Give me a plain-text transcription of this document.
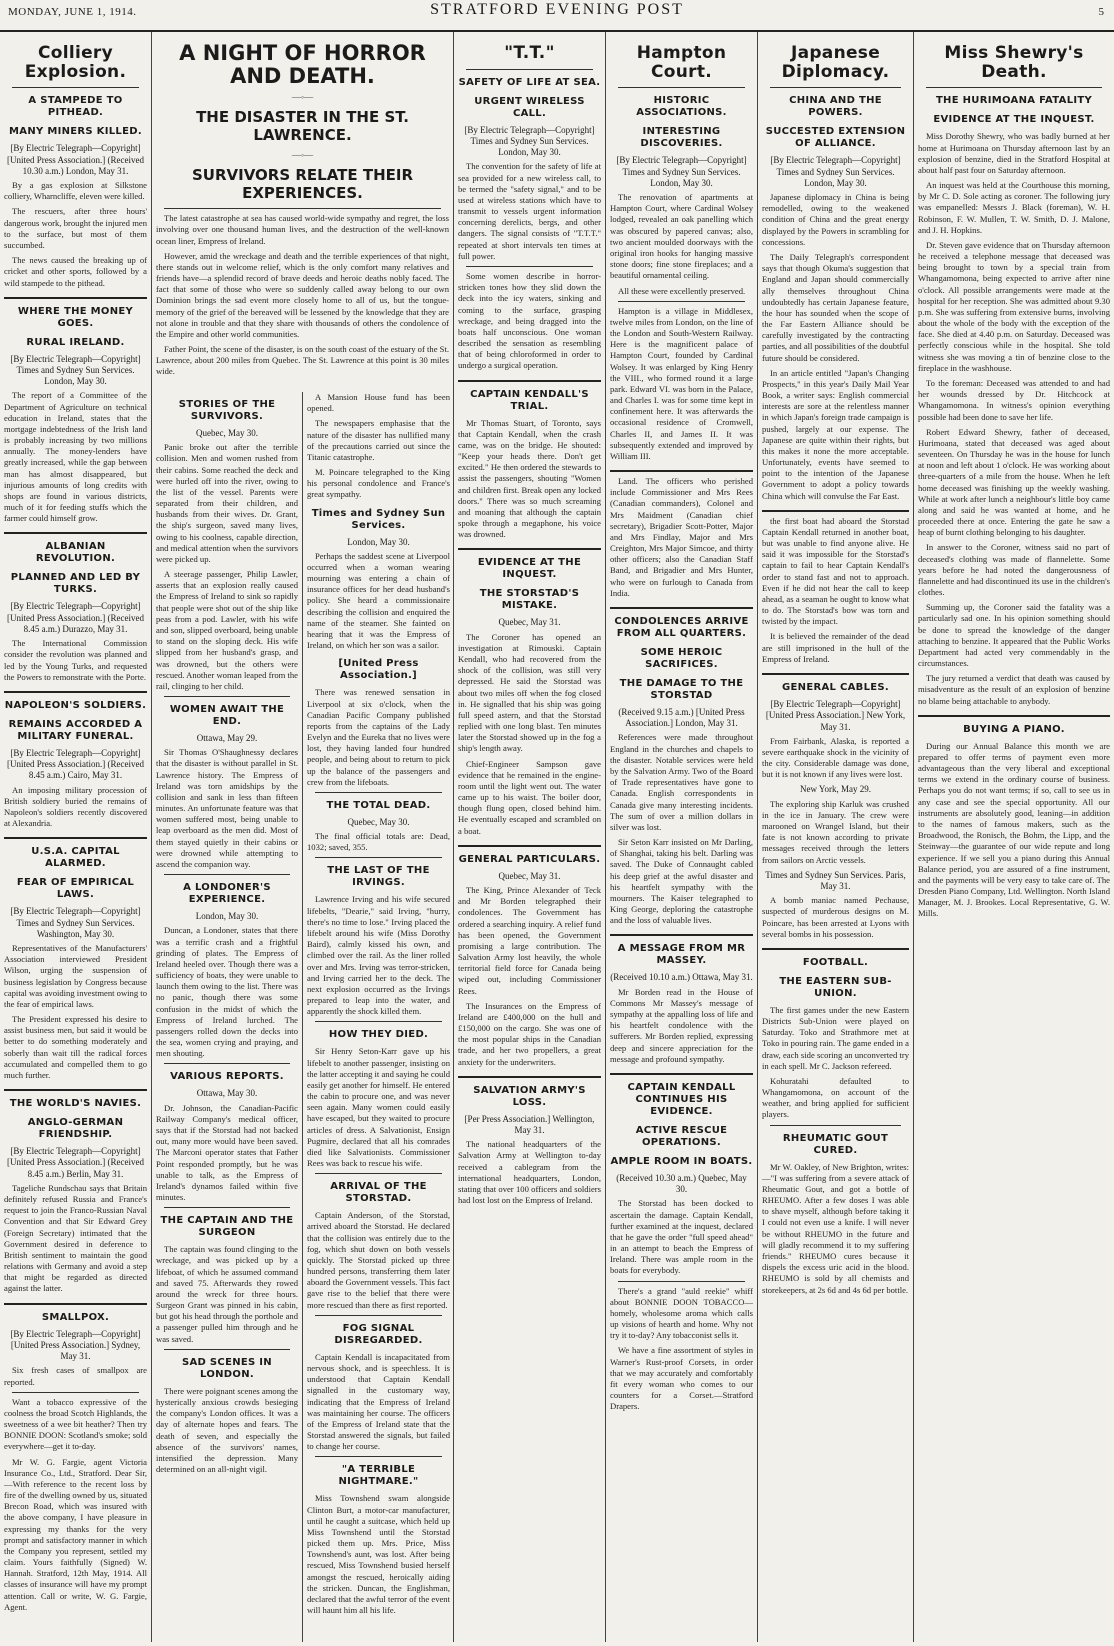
MONDAY, JUNE 1, 1914.	STRATFORD EVENING POST	5
Colliery Explosion.
A STAMPEDE TO PITHEAD.
MANY MINERS KILLED.
[By Electric Telegraph—Copyright] [United Press Association.] (Received 10.30 a.m.) London, May 31.

By a gas explosion at Silkstone colliery, Wharncliffe, eleven were killed.

The rescuers, after three hours' dangerous work, brought the injured men to the surface, but most of them succumbed.

The news caused the breaking up of cricket and other sports, followed by a wild stampede to the pithead.

WHERE THE MONEY GOES.
RURAL IRELAND.
[By Electric Telegraph—Copyright] Times and Sydney Sun Services. London, May 30.

The report of a Committee of the Department of Agriculture on technical education in Ireland, states that the mortgage indebtedness of the Irish land is probably increasing by two millions annually. The money-lenders have greatly increased, while the gap between man has almost disappeared, but injurious amounts of long credits with shops are found in various districts, much of it for feeding stuffs which the farmer could himself grow.

ALBANIAN REVOLUTION.
PLANNED AND LED BY TURKS.
[By Electric Telegraph—Copyright] [United Press Association.] (Received 8.45 a.m.) Durazzo, May 31.

The International Commission consider the revolution was planned and led by the Young Turks, and requested the Powers to remonstrate with the Porte.

NAPOLEON'S SOLDIERS.
REMAINS ACCORDED A MILITARY FUNERAL.
[By Electric Telegraph—Copyright] [United Press Association.] (Received 8.45 a.m.) Cairo, May 31.

An imposing military procession of British soldiery buried the remains of Napoleon's soldiers recently discovered at Alexandria.

U.S.A. CAPITAL ALARMED.
FEAR OF EMPIRICAL LAWS.
[By Electric Telegraph—Copyright] Times and Sydney Sun Services. Washington, May 30.

Representatives of the Manufacturers' Association interviewed President Wilson, urging the suspension of business legislation by Congress because capital was avoiding investment owing to the fear of empirical laws.

The President expressed his desire to assist business men, but said it would be better to do something moderately and soberly than wait till the radical forces accumulated and compelled them to go much further.

THE WORLD'S NAVIES.
ANGLO-GERMAN FRIENDSHIP.
[By Electric Telegraph—Copyright] [United Press Association.] (Received 8.45 a.m.) Berlin, May 31.

Tageliche Rundschau says that Britain definitely refused Russia and France's request to join the Franco-Russian Naval Convention and that Sir Edward Grey (Foreign Secretary) intimated that the Government desired in deference to British sentiment to maintain the good relations with Germany and avoid a step that might be regarded as directed against the latter.

SMALLPOX.
[By Electric Telegraph—Copyright] [United Press Association.] Sydney, May 31.

Six fresh cases of smallpox are reported.

Want a tobacco expressive of the coolness the broad Scotch Highlands, the sweetness of a wee bit heather? Then try BONNIE DOON: Scotland's smoke; sold everywhere—get it to-day.

Mr W. G. Fargie, agent Victoria Insurance Co., Ltd., Stratford. Dear Sir,—With reference to the recent loss by fire of the dwelling owned by us, situated Brecon Road, which was insured with the above company, I have pleasure in expressing my thanks for the very prompt and satisfactory manner in which the Company you represent, settled my claim. Yours faithfully (Signed) W. Hannah. Stratford, 12th May, 1914. All classes of insurance will have my prompt attention. Call or write, W. G. Fargie, Agent.

A NIGHT OF HORROR AND DEATH.
—◦—
THE DISASTER IN THE ST. LAWRENCE.
—◦—
SURVIVORS RELATE THEIR EXPERIENCES.

The latest catastrophe at sea has caused world-wide sympathy and regret, the loss involving over one thousand human lives, and the destruction of the well-known ocean liner, Empress of Ireland.

However, amid the wreckage and death and the terrible experiences of that night, there stands out in welcome relief, which is the only comfort many relatives and friends have—a splendid record of brave deeds and heroic deaths nobly faced. The fact that some of those who were so suddenly called away belong to our own Dominion brings the sad event more closely home to all of us, but the tongue-memory of the grief of the bereaved will be lessened by the knowledge that they are not alone in trouble and that they share with thousands of others the condolence of the Empire and other world communities.

Father Point, the scene of the disaster, is on the south coast of the estuary of the St. Lawrence, about 200 miles from Quebec. The St. Lawrence at this point is 30 miles wide.

STORIES OF THE SURVIVORS.
Quebec, May 30.

Panic broke out after the terrible collision. Men and women rushed from their cabins. Some reached the deck and were hurled off into the river, owing to the list of the vessel. Parents were separated from their children, and husbands from their wives. Dr. Grant, the ship's surgeon, saved many lives, owing to his coolness, capable direction, and medical attention when the survivors were picked up.

A steerage passenger, Philip Lawler, asserts that an explosion really caused the Empress of Ireland to sink so rapidly that people were shot out of the ship like peas from a pod. Lawler, with his wife and son, slipped overboard, being unable to stand on the sloping deck. His wife slipped from her husband's grasp, and was drowned, but the others were rescued. Another woman leaped from the rail, clinging to her child.

WOMEN AWAIT THE END.
Ottawa, May 29.

Sir Thomas O'Shaughnessy declares that the disaster is without parallel in St. Lawrence history. The Empress of Ireland was torn amidships by the collision and sank in less than fifteen minutes. An unfortunate feature was that women suffered most, being unable to leap overboard as the men did. Most of them stayed quietly in their cabins or were drowned while attempting to ascend the companion way.

A LONDONER'S EXPERIENCE.
London, May 30.

Duncan, a Londoner, states that there was a terrific crash and a frightful grinding of plates. The Empress of Ireland heeled over. Though there was a sufficiency of boats, they were unable to launch them owing to the list. There was no panic, though there was some confusion in the midst of which the Empress of Ireland lurched. The passengers rolled down the decks into the sea, women crying and praying, and men shouting.

VARIOUS REPORTS.
Ottawa, May 30.

Dr. Johnson, the Canadian-Pacific Railway Company's medical officer, says that if the Storstad had not backed out, many more would have been saved. The Marconi operator states that Father Point responded promptly, but he was unable to talk, as the Empress of Ireland's dynamos failed within five minutes.

THE CAPTAIN AND THE SURGEON

The captain was found clinging to the wreckage, and was picked up by a lifeboat, of which he assumed command and saved 75. Afterwards they rowed around the wreck for three hours. Surgeon Grant was pinned in his cabin, but got his head through the porthole and a passenger pulled him through and he was saved.

SAD SCENES IN LONDON.

There were poignant scenes among the hysterically anxious crowds besieging the company's London offices. It was a day of alternate hopes and fears. The death of seven, and especially the absence of the survivors' names, intensified the depression. Many determined on an all-night vigil.

A Mansion House fund has been opened.

The newspapers emphasise that the nature of the disaster has nullified many of the precautions carried out since the Titanic catastrophe.

M. Poincare telegraphed to the King his personal condolence and France's great sympathy.

Times and Sydney Sun Services.
London, May 30.

Perhaps the saddest scene at Liverpool occurred when a woman wearing mourning was entering a chain of insurance offices for her dead husband's policy. She heard a commissionaire describing the collision and enquired the name of the steamer. She fainted on hearing that it was the Empress of Ireland, on which her son was a sailor.

[United Press Association.]

There was renewed sensation in Liverpool at six o'clock, when the Canadian Pacific Company published reports from the captains of the Lady Evelyn and the Eureka that no lives were lost, they having landed four hundred people, and being about to return to pick up the balance of the passengers and crew from the lifeboats.

THE TOTAL DEAD.
Quebec, May 30.

The final official totals are: Dead, 1032; saved, 355.

THE LAST OF THE IRVINGS.

Lawrence Irving and his wife secured lifebelts, "Dearie," said Irving, "hurry, there's no time to lose." Irving placed the lifebelt around his wife (Miss Dorothy Baird), calmly kissed his own, and climbed over the rail. As the liner rolled over and Mrs. Irving was terror-stricken, and Irving carried her to the deck. The next explosion occurred as the Irvings prepared to leap into the water, and apparently the shock killed them.

HOW THEY DIED.

Sir Henry Seton-Karr gave up his lifebelt to another passenger, insisting on the latter accepting it and saying he could easily get another for himself. He entered the cabin to procure one, and was never seen again. Many women could easily have escaped, but they waited to procure articles of dress. A Salvationist, Ensign Pugmire, declared that all his comrades died like Salvationists. Commissioner Rees was back to rescue his wife.

ARRIVAL OF THE STORSTAD.

Captain Anderson, of the Storstad, arrived aboard the Storstad. He declared that the collision was entirely due to the fog, which shut down on both vessels quickly. The Storstad picked up three hundred persons, transferring them later aboard the Government vessels. This fact gave rise to the belief that there were more rescued than there as first reported.

FOG SIGNAL DISREGARDED.

Captain Kendall is incapacitated from nervous shock, and is speechless. It is understood that Captain Kendall signalled in the customary way, indicating that the Empress of Ireland was maintaining her course. The officers of the Empress of Ireland state that the Storstad answered the signals, but failed to change her course.

"A TERRIBLE NIGHTMARE."

Miss Townshend swam alongside Clinton Burt, a motor-car manufacturer, until he caught a suitcase, which held up Miss Townshend until the Storstad picked them up. Mrs. Price, Miss Townshend's aunt, was lost. After being rescued, Miss Townshend busied herself amongst the rescued, heroically aiding the stricken. Duncan, the Englishman, declared that the awful terror of the event will haunt him all his life.

"T.T."
SAFETY OF LIFE AT SEA.
URGENT WIRELESS CALL.
[By Electric Telegraph—Copyright] Times and Sydney Sun Services. London, May 30.

The convention for the safety of life at sea provided for a new wireless call, to be termed the "safety signal," and to be used at wireless stations which have to transmit to vessels urgent information concerning derelicts, bergs, and other dangers. The signal consists of "T.T.T." repeated at short intervals ten times at full power.

Some women describe in horror-stricken tones how they slid down the deck into the icy waters, sinking and coming to the surface, grasping wreckage, and being dragged into the boats half unconscious. One woman described the sensation as resembling that of being chloroformed in order to undergo a surgical operation.

CAPTAIN KENDALL'S TRIAL.

Mr Thomas Stuart, of Toronto, says that Captain Kendall, when the crash came, was on the bridge. He shouted: "Keep your heads there. Don't get excited." He then ordered the stewards to assist the passengers, shouting "Women and children first. Break open any locked doors." There was so much screaming and moaning that although the captain spoke through a megaphone, his voice was drowned.

EVIDENCE AT THE INQUEST.
THE STORSTAD'S MISTAKE.
Quebec, May 31.

The Coroner has opened an investigation at Rimouski. Captain Kendall, who had recovered from the shock of the collision, was still very depressed. He said the Storstad was about two miles off when the fog closed in. He signalled that his ship was going full speed astern, and that the Storstad replied with one long blast. Ten minutes later the Storstad showed up in the fog a ship's length away.

Chief-Engineer Sampson gave evidence that he remained in the engine-room until the light went out. The water came up to his waist. The boiler door, though flung open, closed behind him. He eventually escaped and scrambled on a boat.

GENERAL PARTICULARS.
Quebec, May 31.

The King, Prince Alexander of Teck and Mr Borden telegraphed their condolences. The Government has ordered a searching inquiry. A relief fund has been opened, the Government promising a large contribution. The Salvation Army lost heavily, the whole territorial field force for Canada being wiped out, including Commissioner Rees.

The Insurances on the Empress of Ireland are £400,000 on the hull and £150,000 on the cargo. She was one of the most popular ships in the Canadian trade, and her two propellers, a great anxiety for the underwriters.

SALVATION ARMY'S LOSS.
[Per Press Association.] Wellington, May 31.

The national headquarters of the Salvation Army at Wellington to-day received a cablegram from the international headquarters, London, stating that over 100 officers and soldiers had lost lost on the Empress of Ireland.

Hampton Court.
HISTORIC ASSOCIATIONS.
INTERESTING DISCOVERIES.
[By Electric Telegraph—Copyright] Times and Sydney Sun Services. London, May 30.

The renovation of apartments at Hampton Court, where Cardinal Wolsey lodged, revealed an oak panelling which was obscured by papered canvas; also, two ancient moulded doorways with the original iron hooks for hanging massive stone doors; fine stone fireplaces; and a beautiful ornamental ceiling.

All these were excellently preserved.

Hampton is a village in Middlesex, twelve miles from London, on the line of the London and South-Western Railway. Here is the magnificent palace of Hampton Court, founded by Cardinal Wolsey. It was enlarged by King Henry the VIII., who formed round it a large park. Edward VI. was born in the Palace, and Charles I. was for some time kept in confinement here. It was afterwards the occasional residence of Cromwell, Charles II, and James II. It was subsequently extended and improved by William III.

Land. The officers who perished include Commissioner and Mrs Rees (Canadian commanders), Colonel and Mrs Maidment (Canadian chief secretary), Brigadier Scott-Potter, Major and Mrs Findlay, Major and Mrs Creighton, Mrs Major Simcoe, and thirty other officers; also the Canadian Staff Band, and Brigadier and Mrs Hunter, who were on furlough to Canada from India.

CONDOLENCES ARRIVE FROM ALL QUARTERS.
SOME HEROIC SACRIFICES.
THE DAMAGE TO THE STORSTAD
(Received 9.15 a.m.) [United Press Association.] London, May 31.

References were made throughout England in the churches and chapels to the disaster. Notable services were held by the Salvation Army. Two of the Board of Trade representatives have gone to Canada. English correspondents in Canada give many interesting incidents. The sum of over a million dollars in silver was lost.

Sir Seton Karr insisted on Mr Darling, of Shanghai, taking his belt. Darling was saved. The Duke of Connaught cabled his deep grief at the awful disaster and his heartfelt sympathy with the mourners. The Kaiser telegraphed to King George, deploring the catastrophe and the loss of valuable lives.

A MESSAGE FROM MR MASSEY.
(Received 10.10 a.m.) Ottawa, May 31.

Mr Borden read in the House of Commons Mr Massey's message of sympathy at the appalling loss of life and his heartfelt condolence with the sufferers. Mr Borden replied, expressing deep and sincere appreciation for the message and profound sympathy.

CAPTAIN KENDALL CONTINUES HIS EVIDENCE.
ACTIVE RESCUE OPERATIONS.
AMPLE ROOM IN BOATS.
(Received 10.30 a.m.) Quebec, May 30.

The Storstad has been docked to ascertain the damage. Captain Kendall, further examined at the inquest, declared that he gave the order "full speed ahead" in an attempt to beach the Empress of Ireland. There was ample room in the boats for everybody.

There's a grand "auld reekie" whiff about BONNIE DOON TOBACCO—homely, wholesome aroma which calls up visions of hearth and home. Why not try it to-day? Any tobacconist sells it.

We have a fine assortment of styles in Warner's Rust-proof Corsets, in order that we may accurately and comfortably fit every woman who comes to our counters for a Corset.—Stratford Drapers.

Japanese Diplomacy.
CHINA AND THE POWERS.
SUCCESTED EXTENSION OF ALLIANCE.
[By Electric Telegraph—Copyright] Times and Sydney Sun Services. London, May 30.

Japanese diplomacy in China is being remodelled, owing to the weakened condition of China and the great energy displayed by the Powers in scrambling for concessions.

The Daily Telegraph's correspondent says that though Okuma's suggestion that England and Japan should commercially ally themselves throughout China undoubtedly has certain Japanese feature, the hour has sounded when the scope of the Far Eastern Alliance should be carefully investigated by the contracting parties, and all possibilities of the doubtful future should be considered.

In an article entitled "Japan's Changing Prospects," in this year's Daily Mail Year Book, a writer says: English commercial interests are sore at the relentless manner in which Japan's foreign trade campaign is pushed, largely at our expense. The Japanese are quite within their rights, but this makes it none the more acceptable. Unfortunately, events have seemed to point to the intention of the Japanese Government to adopt a policy towards China which will convulse the Far East.

the first boat had aboard the Storstad Captain Kendall returned in another boat, but was unable to find anyone alive. He said it was impossible for the Storstad's captain to fail to hear Captain Kendall's order to stand fast and not to approach. Even if he did not hear the call to keep ahead, as a seaman he ought to know what to do. The Storstad's bow was torn and twisted by the impact.

It is believed the remainder of the dead are still imprisoned in the hull of the Empress of Ireland.

GENERAL CABLES.
[By Electric Telegraph—Copyright] [United Press Association.] New York, May 31.

From Fairbank, Alaska, is reported a severe earthquake shock in the vicinity of the city. Considerable damage was done, but it is not known if any lives were lost.

New York, May 29.

The exploring ship Karluk was crushed in the ice in January. The crew were marooned on Wrangel Island, but their fate is not known according to private messages received through the letters from sailors on Arctic vessels.

Times and Sydney Sun Services. Paris, May 31.

A bomb maniac named Pechause, suspected of murderous designs on M. Poincare, has been arrested at Lyons with several bombs in his possession.

FOOTBALL.
THE EASTERN SUB-UNION.

The first games under the new Eastern Districts Sub-Union were played on Saturday. Toko and Strathmore met at Toko in pouring rain. The game ended in a draw, each side scoring an unconverted try in each spell. Mr C. Jackson refereed.

Kohuratahi defaulted to Whangamomona, on account of the weather, and bring applied for sufficient players.

RHEUMATIC GOUT CURED.

Mr W. Oakley, of New Brighton, writes:—"I was suffering from a severe attack of Rheumatic Gout, and got a bottle of RHEUMO. After a few doses I was able to shave myself, although before taking it I could not even use a knife. I will never be without RHEUMO in the future and will gladly recommend it to my suffering friends." RHEUMO cures because it dispels the excess uric acid in the blood. RHEUMO is sold by all chemists and storekeepers, at 2s 6d and 4s 6d per bottle.

Miss Shewry's Death.
THE HURIMOANA FATALITY
EVIDENCE AT THE INQUEST.

Miss Dorothy Shewry, who was badly burned at her home at Hurimoana on Thursday afternoon last by an explosion of benzine, died in the Stratford Hospital at about half past four on Saturday afternoon.

An inquest was held at the Courthouse this morning, by Mr C. D. Sole acting as coroner. The following jury was empanelled: Messrs J. Black (foreman), W. H. Robinson, F. W. Mullen, T. W. Smith, D. J. Malone, and J. H. Hopkins.

Dr. Steven gave evidence that on Thursday afternoon he received a telephone message that deceased was being brought to town by a special train from Whangamomona, being expected to arrive after nine o'clock. All possible arrangements were made at the hospital for her reception. She was admitted about 9.30 p.m. She was suffering from extensive burns, involving about the whole of the body with the exception of the face. She died at 4.40 p.m. on Saturday. Deceased was perfectly conscious while in the hospital. She told witness she was moving a tin of benzine close to the fireplace in the washhouse.

To the foreman: Deceased was attended to and had her wounds dressed by Dr. Hitchcock at Whangamomona. In witness's opinion everything possible had been done to save her life.

Robert Edward Shewry, father of deceased, Hurimoana, stated that deceased was aged about seventeen. On Thursday he was in the house for lunch at noon and left about 1 o'clock. He was working about three-quarters of a mile from the house. When he left home deceased was finishing up the weekly washing. While at work after lunch a neighbour's little boy came along and said he was wanted at home, and he proceeded there at once. Entering the gate he saw a heap of burnt clothing belonging to his daughter.

In answer to the Coroner, witness said no part of deceased's clothing was made of flannelette. Some years before he had noted the dangerousness of flannelette and had discontinued its use in the children's clothes.

Summing up, the Coroner said the fatality was a particularly sad one. In his opinion something should be done to spread the knowledge of the danger attaching to benzine. It appeared that the Public Works Department had acted very commendably in the circumstances.

The jury returned a verdict that death was caused by misadventure as the result of an explosion of benzine no blame being attachable to anybody.

BUYING A PIANO.

During our Annual Balance this month we are prepared to offer terms of payment even more advantageous than the very liberal and exceptional terms we extend in the ordinary course of business. Perhaps you do not want terms; if so, call to see us in any case and see the special opportunity. All our instruments are absolutely good, leaning—in addition to the names of famous makers, such as the Broadwood, the Ronisch, the Bohm, the Lipp, and the Steinway—the guarantee of our wide repute and long experience. If we sell you a piano during this Annual Balance period, you are assured of a fine instrument, and the payments will be very easy to take care of. The Dresden Piano Company, Ltd. Wellington. North Island Manager, M. J. Brookes. Local Representative, G. W. Mills.
